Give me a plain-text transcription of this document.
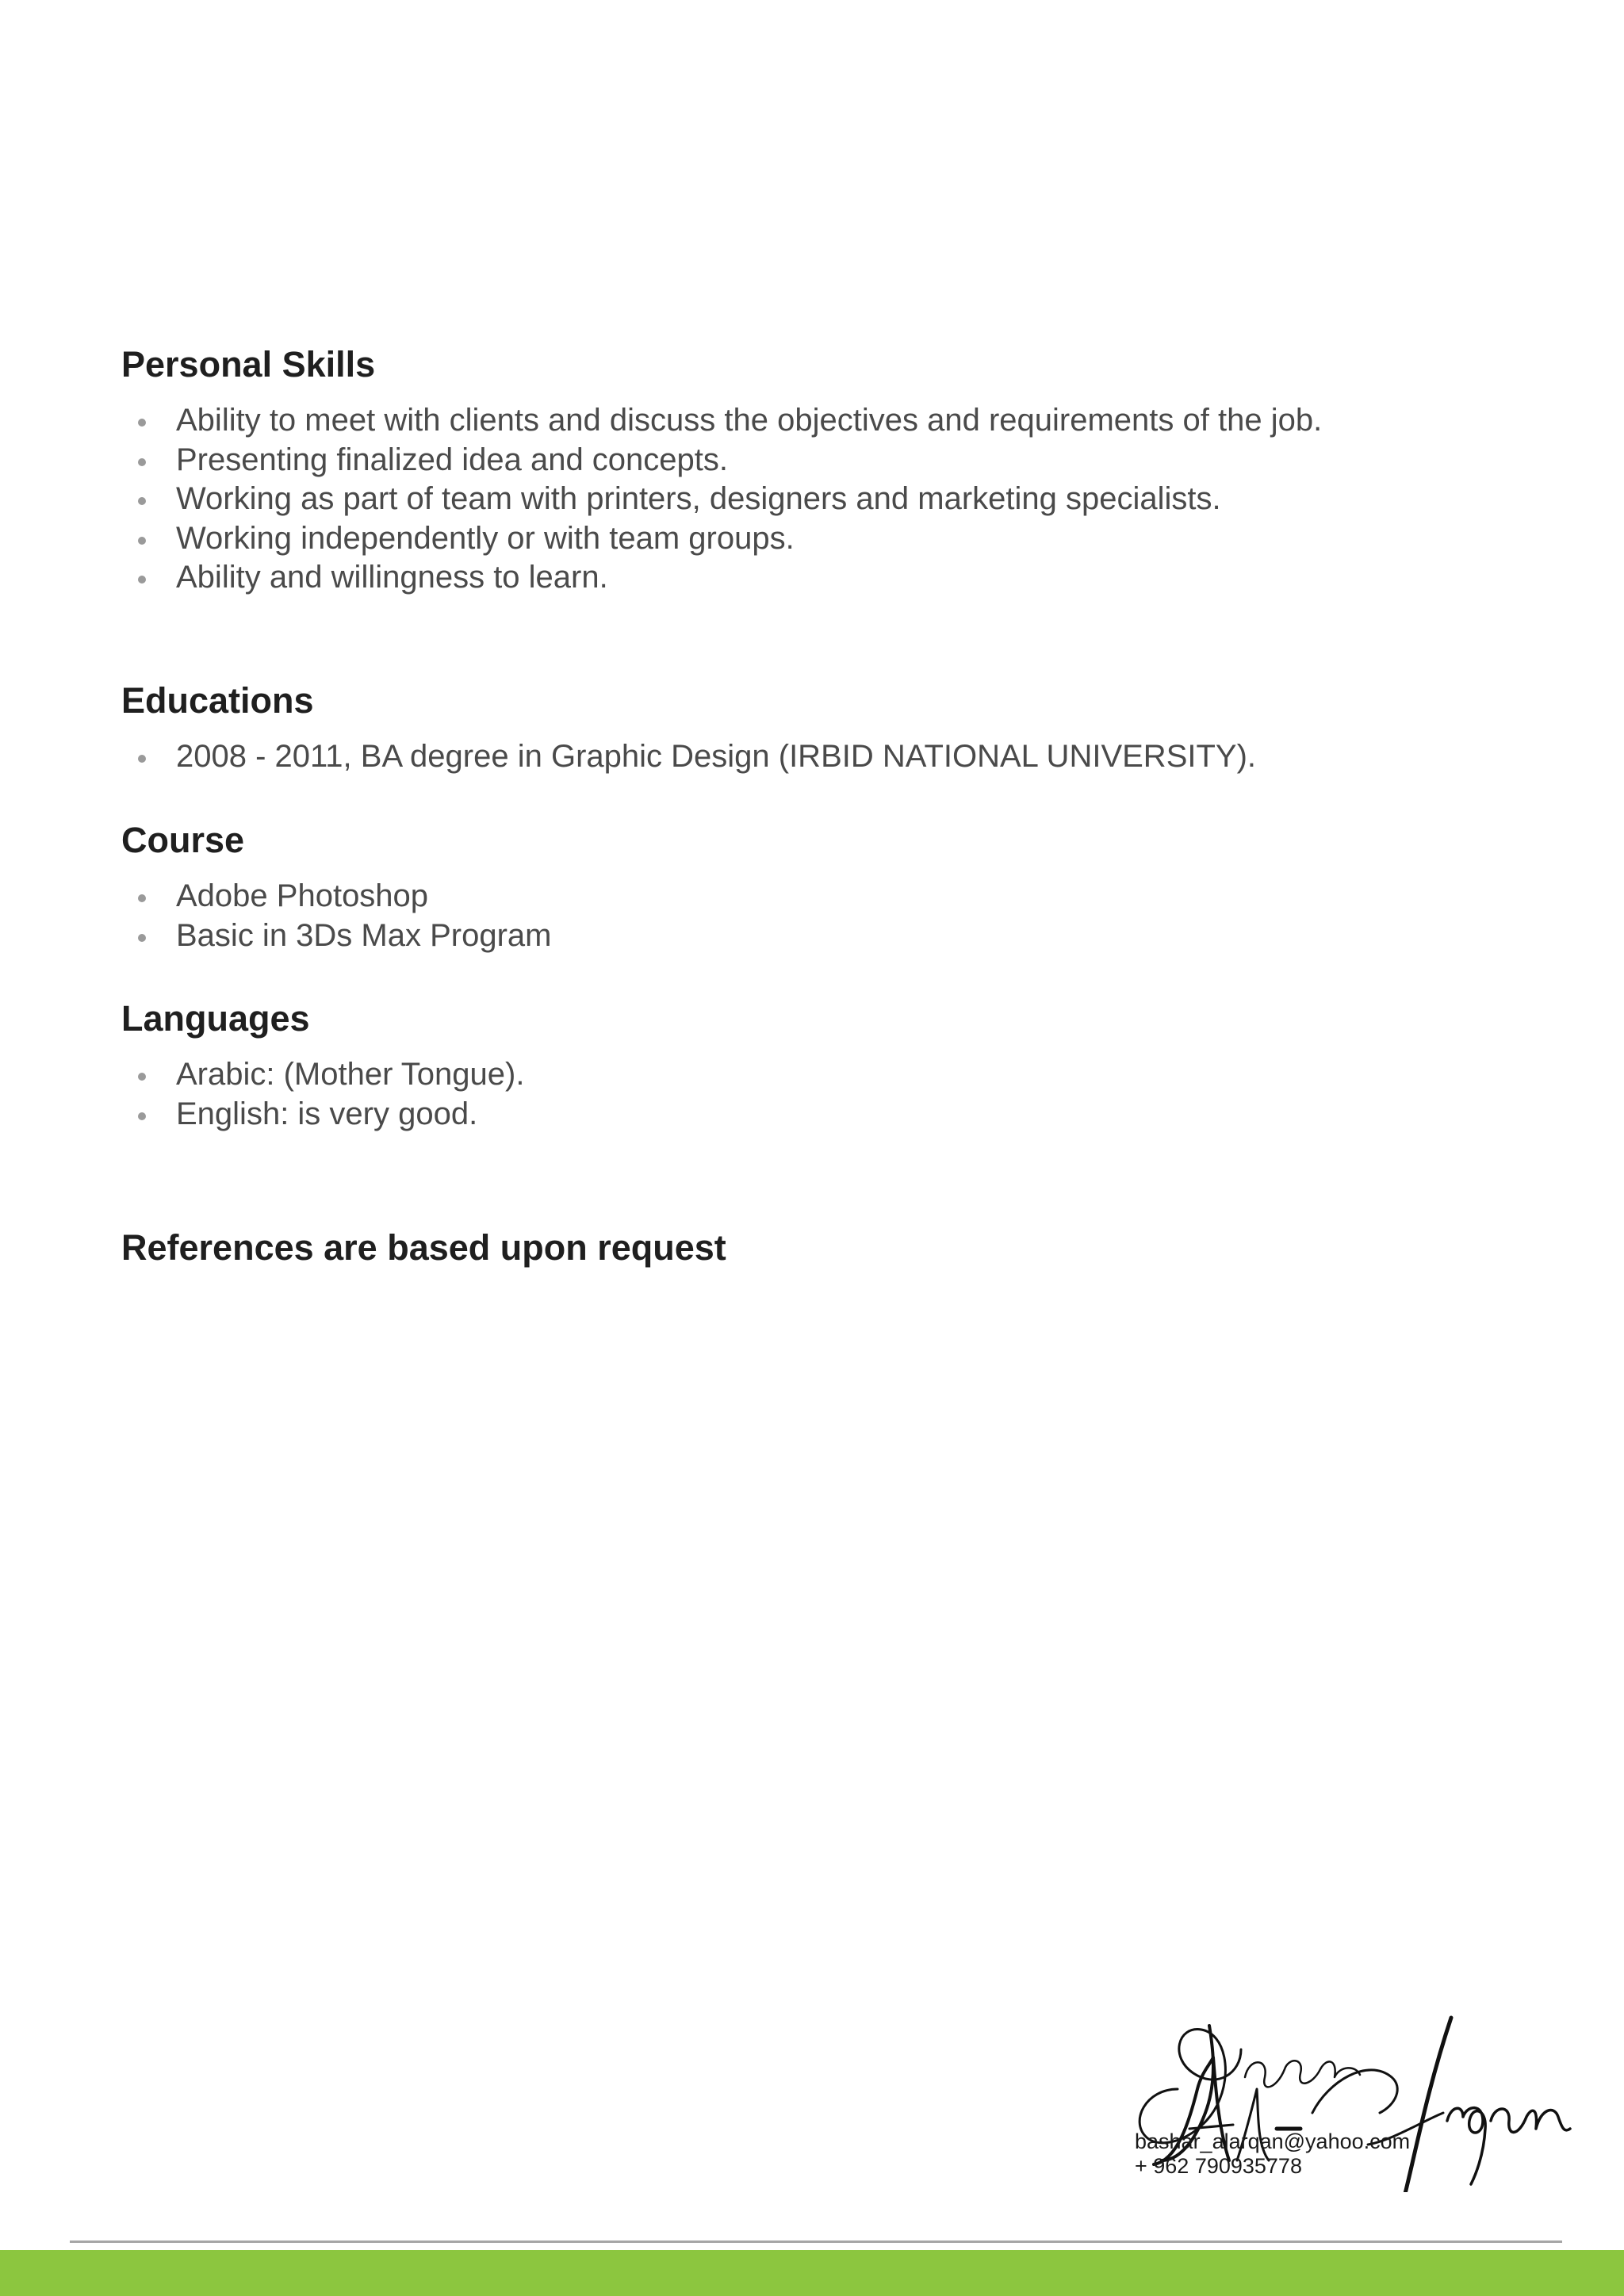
Personal Skills
Ability to meet with clients and discuss the objectives and requirements of the job.
Presenting finalized idea and concepts.
Working as part of team with printers, designers and marketing specialists.
Working independently or with team groups.
Ability and willingness to learn.
Educations
2008 - 2011, BA degree in Graphic Design (IRBID NATIONAL UNIVERSITY).
Course
Adobe Photoshop
Basic in 3Ds Max Program
Languages
Arabic: (Mother Tongue).
English: is very good.
References are based upon request
bashar_alarqan@yahoo.com
+ 962 790935778
